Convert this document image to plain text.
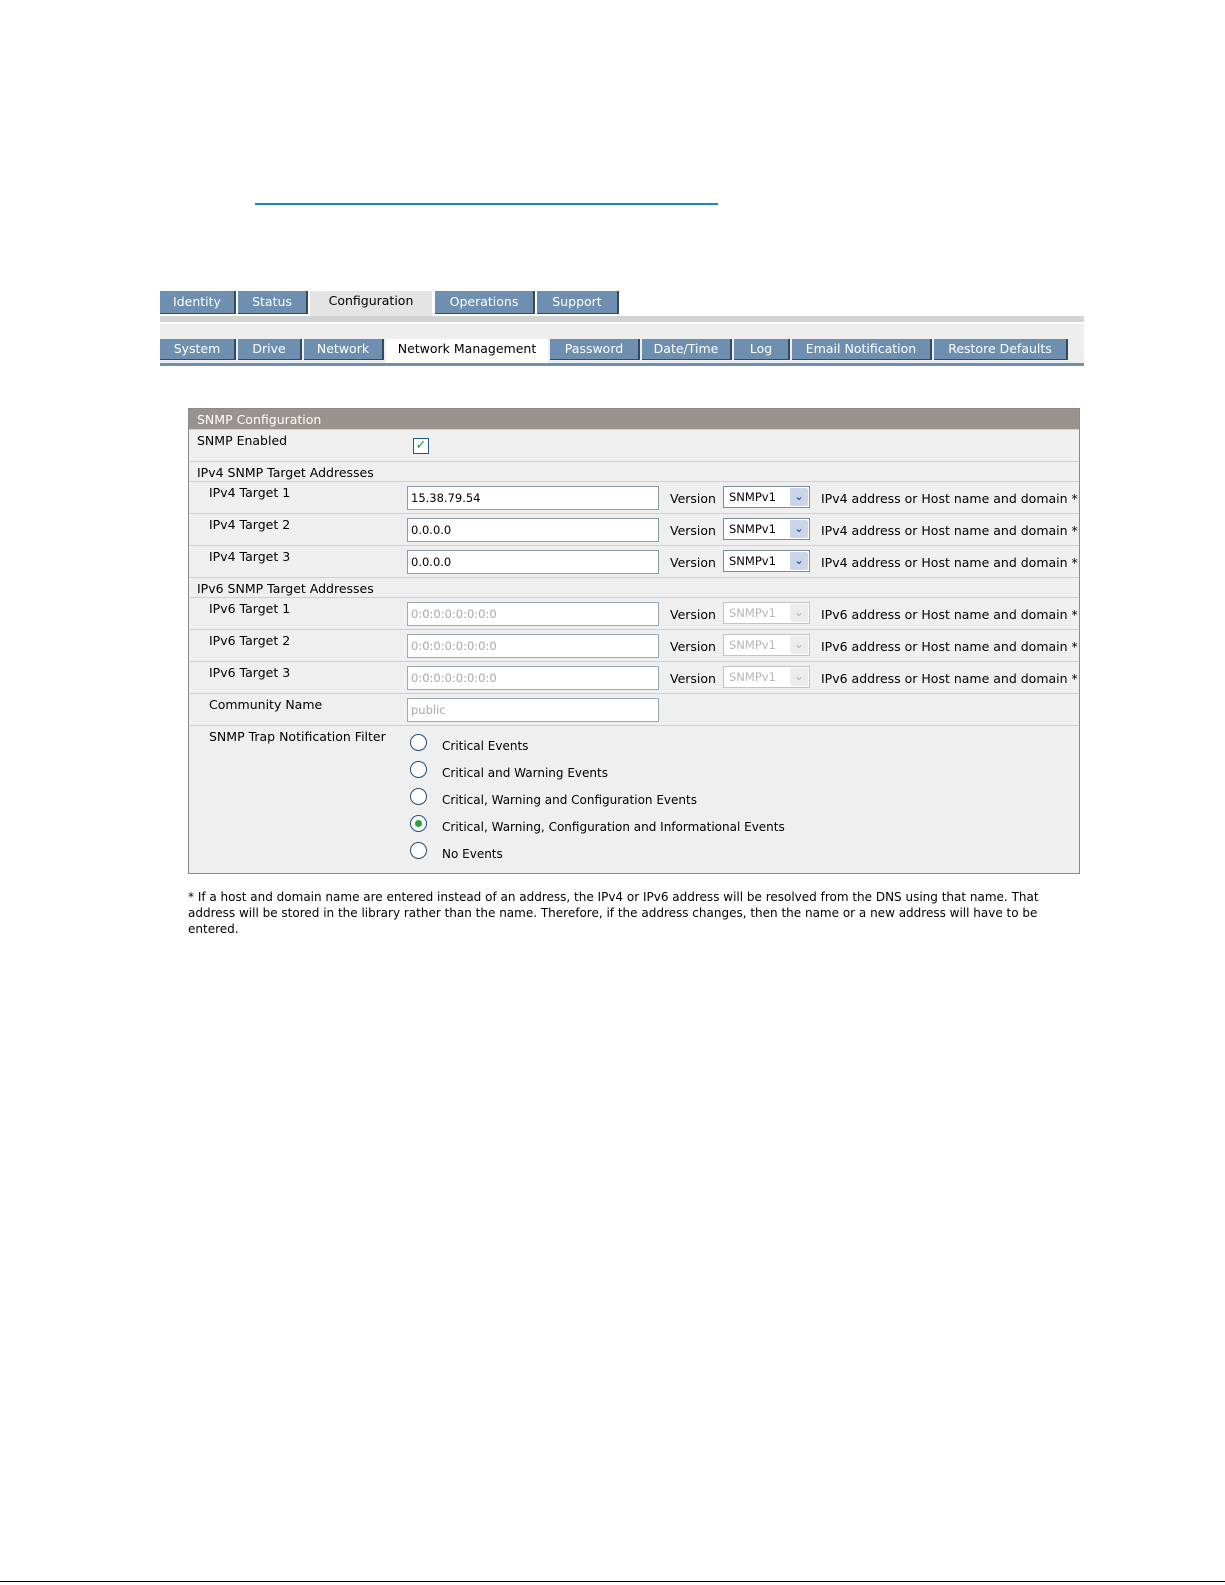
Identity	Status	Configuration	Operations	Support
System	Drive	Network	Network Management	Password	Date/Time	Log	Email Notification	Restore Defaults
SNMP Configuration
SNMP Enabled	✓
IPv4 SNMP Target Addresses
IPv4 Target 1	15.38.79.54	Version	SNMPv1	⌄	IPv4 address or Host name and domain *
IPv4 Target 2	0.0.0.0	Version	SNMPv1	⌄	IPv4 address or Host name and domain *
IPv4 Target 3	0.0.0.0	Version	SNMPv1	⌄	IPv4 address or Host name and domain *
IPv6 SNMP Target Addresses
IPv6 Target 1	0:0:0:0:0:0:0:0	Version	SNMPv1	⌄	IPv6 address or Host name and domain *
IPv6 Target 2	0:0:0:0:0:0:0:0	Version	SNMPv1	⌄	IPv6 address or Host name and domain *
IPv6 Target 3	0:0:0:0:0:0:0:0	Version	SNMPv1	⌄	IPv6 address or Host name and domain *
Community Name	public
SNMP Trap Notification Filter
Critical Events
Critical and Warning Events
Critical, Warning and Configuration Events
Critical, Warning, Configuration and Informational Events
No Events
* If a host and domain name are entered instead of an address, the IPv4 or IPv6 address will be resolved from the DNS using that name. That address will be stored in the library rather than the name. Therefore, if the address changes, then the name or a new address will have to be entered.
